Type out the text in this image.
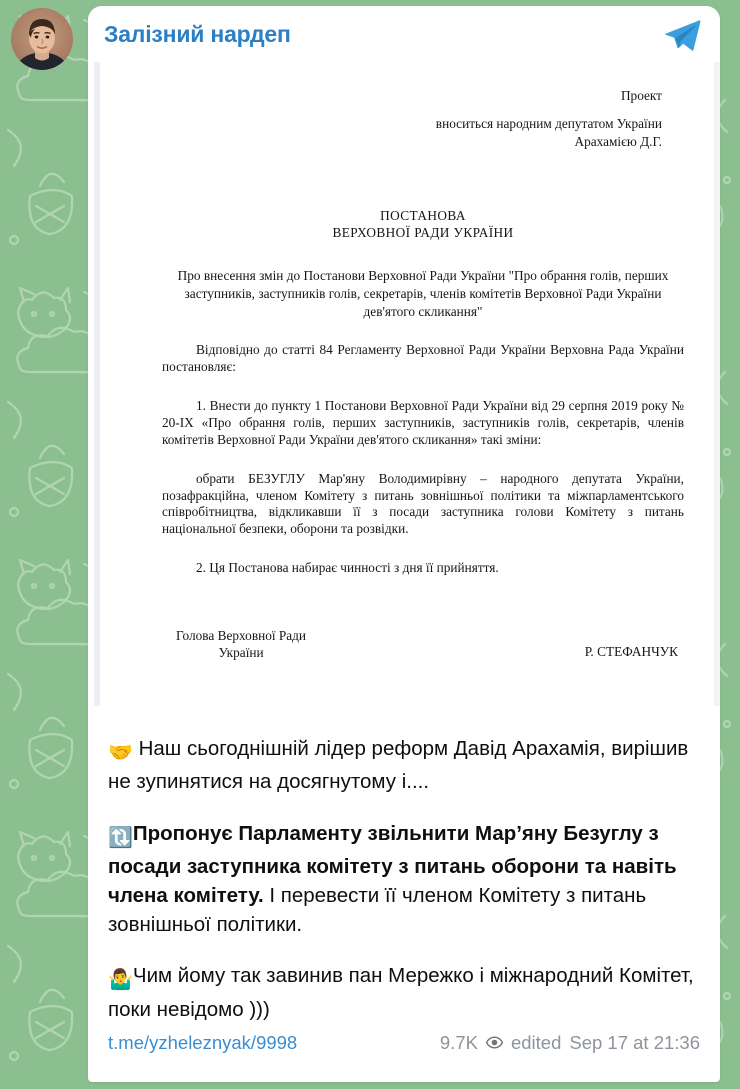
Залізний нардеп
Проект
вноситься народним депутатом України
Арахамією Д.Г.
ПОСТАНОВА
ВЕРХОВНОЇ РАДИ УКРАЇНИ
Про внесення змін до Постанови Верховної Ради України "Про обрання голів, перших заступників, заступників голів, секретарів, членів комітетів Верховної Ради України дев'ятого скликання"
Відповідно до статті 84 Регламенту Верховної Ради України Верховна Рада України постановляє:
1. Внести до пункту 1 Постанови Верховної Ради України від 29 серпня 2019 року № 20-IX «Про обрання голів, перших заступників, заступників голів, секретарів, членів комітетів Верховної Ради України дев'ятого скликання» такі зміни:
обрати БЕЗУГЛУ Мар'яну Володимирівну – народного депутата України, позафракційна, членом Комітету з питань зовнішньої політики та міжпарламентського співробітництва, відкликавши її з посади заступника голови Комітету з питань національної безпеки, оборони та розвідки.
2. Ця Постанова набирає чинності з дня її прийняття.
Голова Верховної Ради
України	Р. СТЕФАНЧУК

🤝 Наш сьогоднішній лідер реформ Давід Арахамія, вирішив не зупинятися на досягнутому і....

🔃Пропонує Парламенту звільнити Мар’яну Безуглу з посади заступника комітету з питань оборони та навіть члена комітету. І перевести її членом Комітету з питань зовнішньої політики.

🤷‍♂️Чим йому так завинив пан Мережко і міжнародний Комітет, поки невідомо )))

t.me/yzheleznyak/9998	9.7K edited Sep 17 at 21:36
